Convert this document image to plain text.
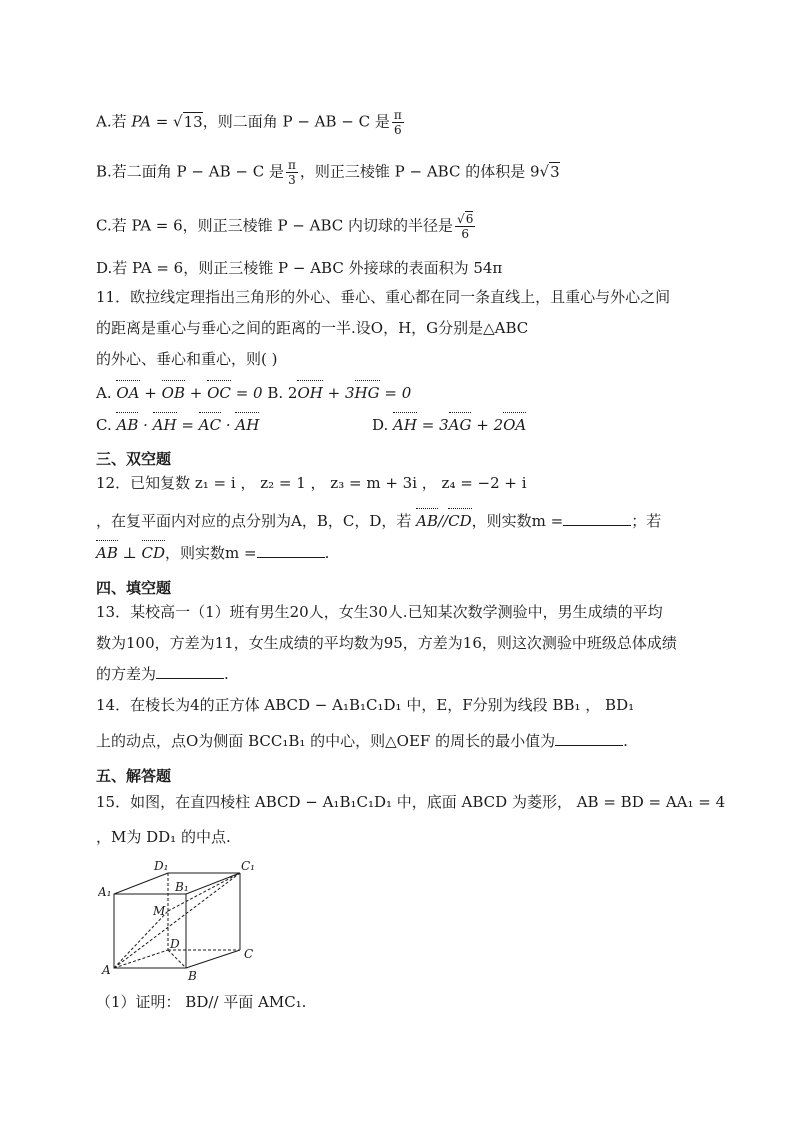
A.若 PA = √13，则二面角 P − AB − C 是 $\frac{\pi}{6}$
B.若二面角 P − AB − C 是 $\frac{\pi}{3}$ ，则正三棱锥 P − ABC 的体积是 9√3
C.若 PA = 6，则正三棱锥 P − ABC 内切球的半径是 $\frac{√6}{6}$
D.若 PA = 6，则正三棱锥 P − ABC 外接球的表面积为 54π
11．欧拉线定理指出三角形的外心、垂心、重心都在同一条直线上，且重心与外心之间
的距离是重心与垂心之间的距离的一半.设O，H，G分别是△ABC
的外心、垂心和重心，则( )
A. OA + OB + OC = 0 B. 2OH + 3HG = 0
C. AB · AH = AC · AH	D. AH = 3AG + 2OA
三、双空题
12．已知复数 z₁ = i ， z₂ = 1 ， z₃ = m + 3i ， z₄ = −2 + i
，在复平面内对应的点分别为A，B，C，D，若 AB//CD，则实数m =	；若
AB ⊥ CD，则实数m =	.
四、填空题
13．某校高一（1）班有男生20人，女生30人.已知某次数学测验中，男生成绩的平均
数为100，方差为11，女生成绩的平均数为95，方差为16，则这次测验中班级总体成绩
的方差为	.
14．在棱长为4的正方体 ABCD − A₁B₁C₁D₁ 中，E，F分别为线段 BB₁ ， BD₁
上的动点，点O为侧面 BCC₁B₁ 的中心，则△OEF 的周长的最小值为	.
五、解答题
15．如图，在直四棱柱 ABCD − A₁B₁C₁D₁ 中，底面 ABCD 为菱形， AB = BD = AA₁ = 4
，M为 DD₁ 的中点.
D₁	C₁
A₁	B₁
M
D
C
A	B
（1）证明： BD// 平面 AMC₁.
